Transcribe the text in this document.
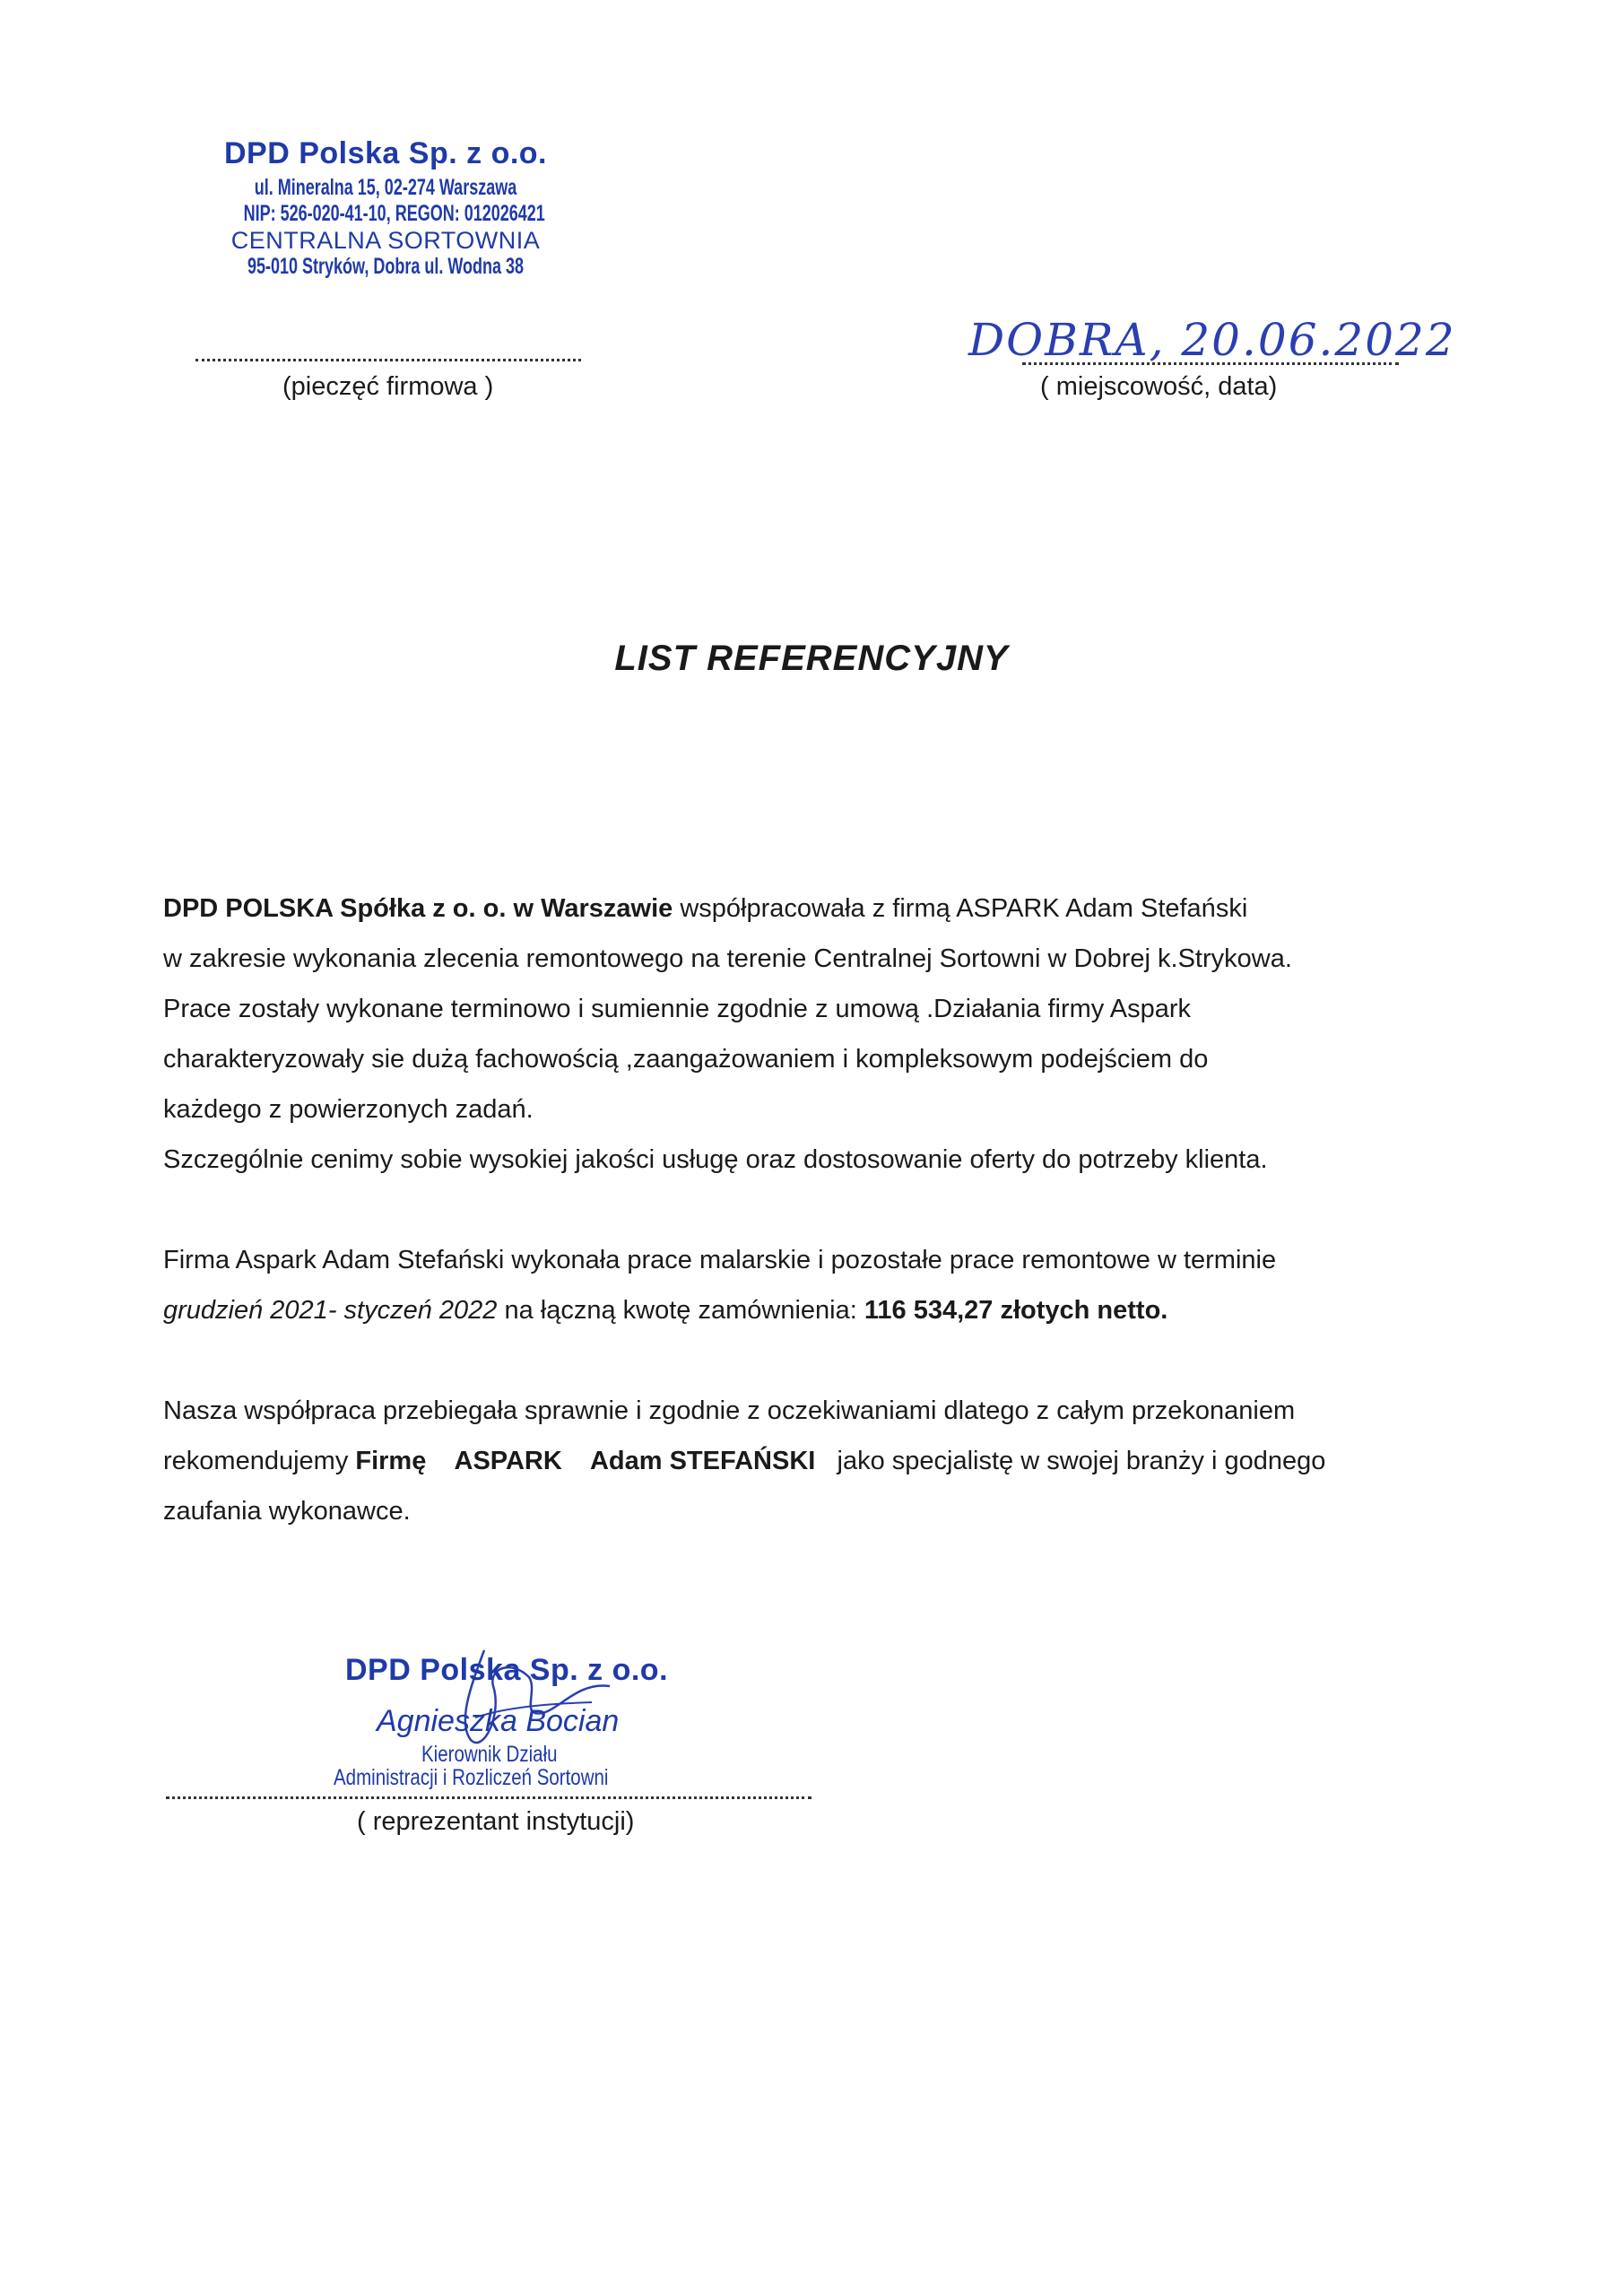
DPD Polska Sp. z o.o.
ul. Mineralna 15, 02-274 Warszawa
NIP: 526-020-41-10, REGON: 012026421
CENTRALNA SORTOWNIA
95-010 Stryków, Dobra ul. Wodna 38
(pieczęć firmowa )
DOBRA, 20.06.2022
( miejscowość, data)
LIST REFERENCYJNY
DPD POLSKA Spółka z o. o. w Warszawie współpracowała z firmą ASPARK Adam Stefański
w zakresie wykonania zlecenia remontowego na terenie Centralnej Sortowni w Dobrej k.Strykowa.
Prace zostały wykonane terminowo i sumiennie zgodnie z umową .Działania firmy Aspark
charakteryzowały sie dużą fachowością ,zaangażowaniem i kompleksowym podejściem do
każdego z powierzonych zadań.
Szczególnie cenimy sobie wysokiej jakości usługę oraz dostosowanie oferty do potrzeby klienta.
Firma Aspark Adam Stefański wykonała prace malarskie i pozostałe prace remontowe w terminie
grudzień 2021- styczeń 2022 na łączną kwotę zamównienia: 116 534,27 złotych netto.
Nasza współpraca przebiegała sprawnie i zgodnie z oczekiwaniami dlatego z całym przekonaniem
rekomendujemy Firmę    ASPARK    Adam STEFAŃSKI   jako specjalistę w swojej branży i godnego
zaufania wykonawce.
DPD Polska Sp. z o.o.
Agnieszka Bocian
Kierownik Działu
Administracji i Rozliczeń Sortowni
( reprezentant instytucji)
